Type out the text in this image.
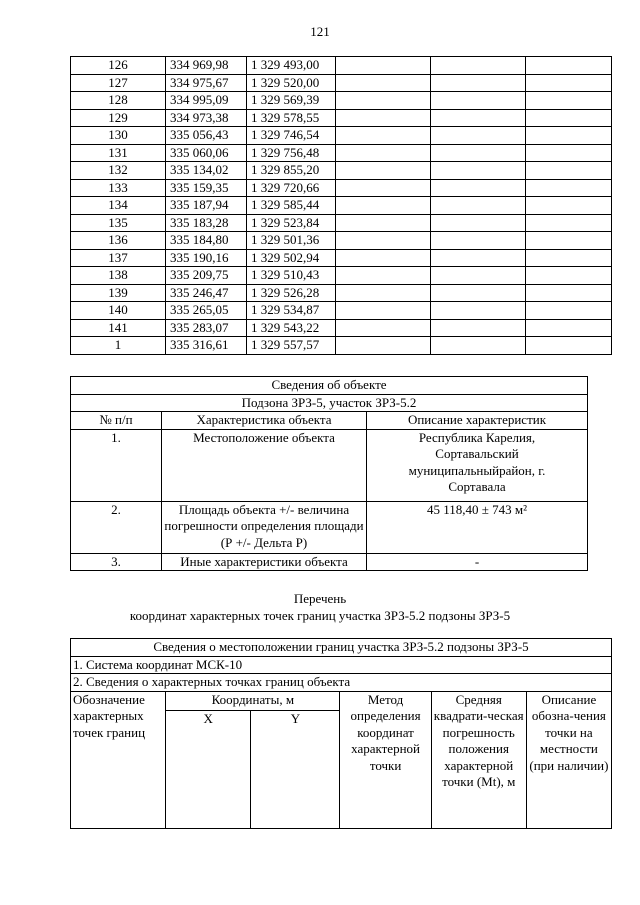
121
126	334 969,98	1 329 493,00			
127	334 975,67	1 329 520,00			
128	334 995,09	1 329 569,39			
129	334 973,38	1 329 578,55			
130	335 056,43	1 329 746,54			
131	335 060,06	1 329 756,48			
132	335 134,02	1 329 855,20			
133	335 159,35	1 329 720,66			
134	335 187,94	1 329 585,44			
135	335 183,28	1 329 523,84			
136	335 184,80	1 329 501,36			
137	335 190,16	1 329 502,94			
138	335 209,75	1 329 510,43			
139	335 246,47	1 329 526,28			
140	335 265,05	1 329 534,87			
141	335 283,07	1 329 543,22			
1	335 316,61	1 329 557,57			
Сведения об объекте		
Подзона ЗРЗ-5, участок ЗРЗ-5.2		
№ п/п	Характеристика объекта	Описание характеристик
1.	Местоположение объекта	Республика Карелия, Сортавальский муниципальныйрайон, г. Сортавала
2.	Площадь объекта +/- величина погрешности определения площади (Р +/- Дельта Р)	45 118,40 ± 743 м²
3.	Иные характеристики объекта	-
Перечень
координат характерных точек границ участка ЗРЗ-5.2 подзоны ЗРЗ-5
Сведения о местоположении границ участка ЗРЗ-5.2 подзоны ЗРЗ-5					
1. Система координат МСК-10					
2. Сведения о характерных точках границ объекта					
Обозначение характерных точек границ	Координаты, м		Метод определения координат характерной точки	Средняя квадрати-ческая погрешность положения характерной точки (Mt), м	Описание обозна-чения точки на местности (при наличии)
	X	Y			
